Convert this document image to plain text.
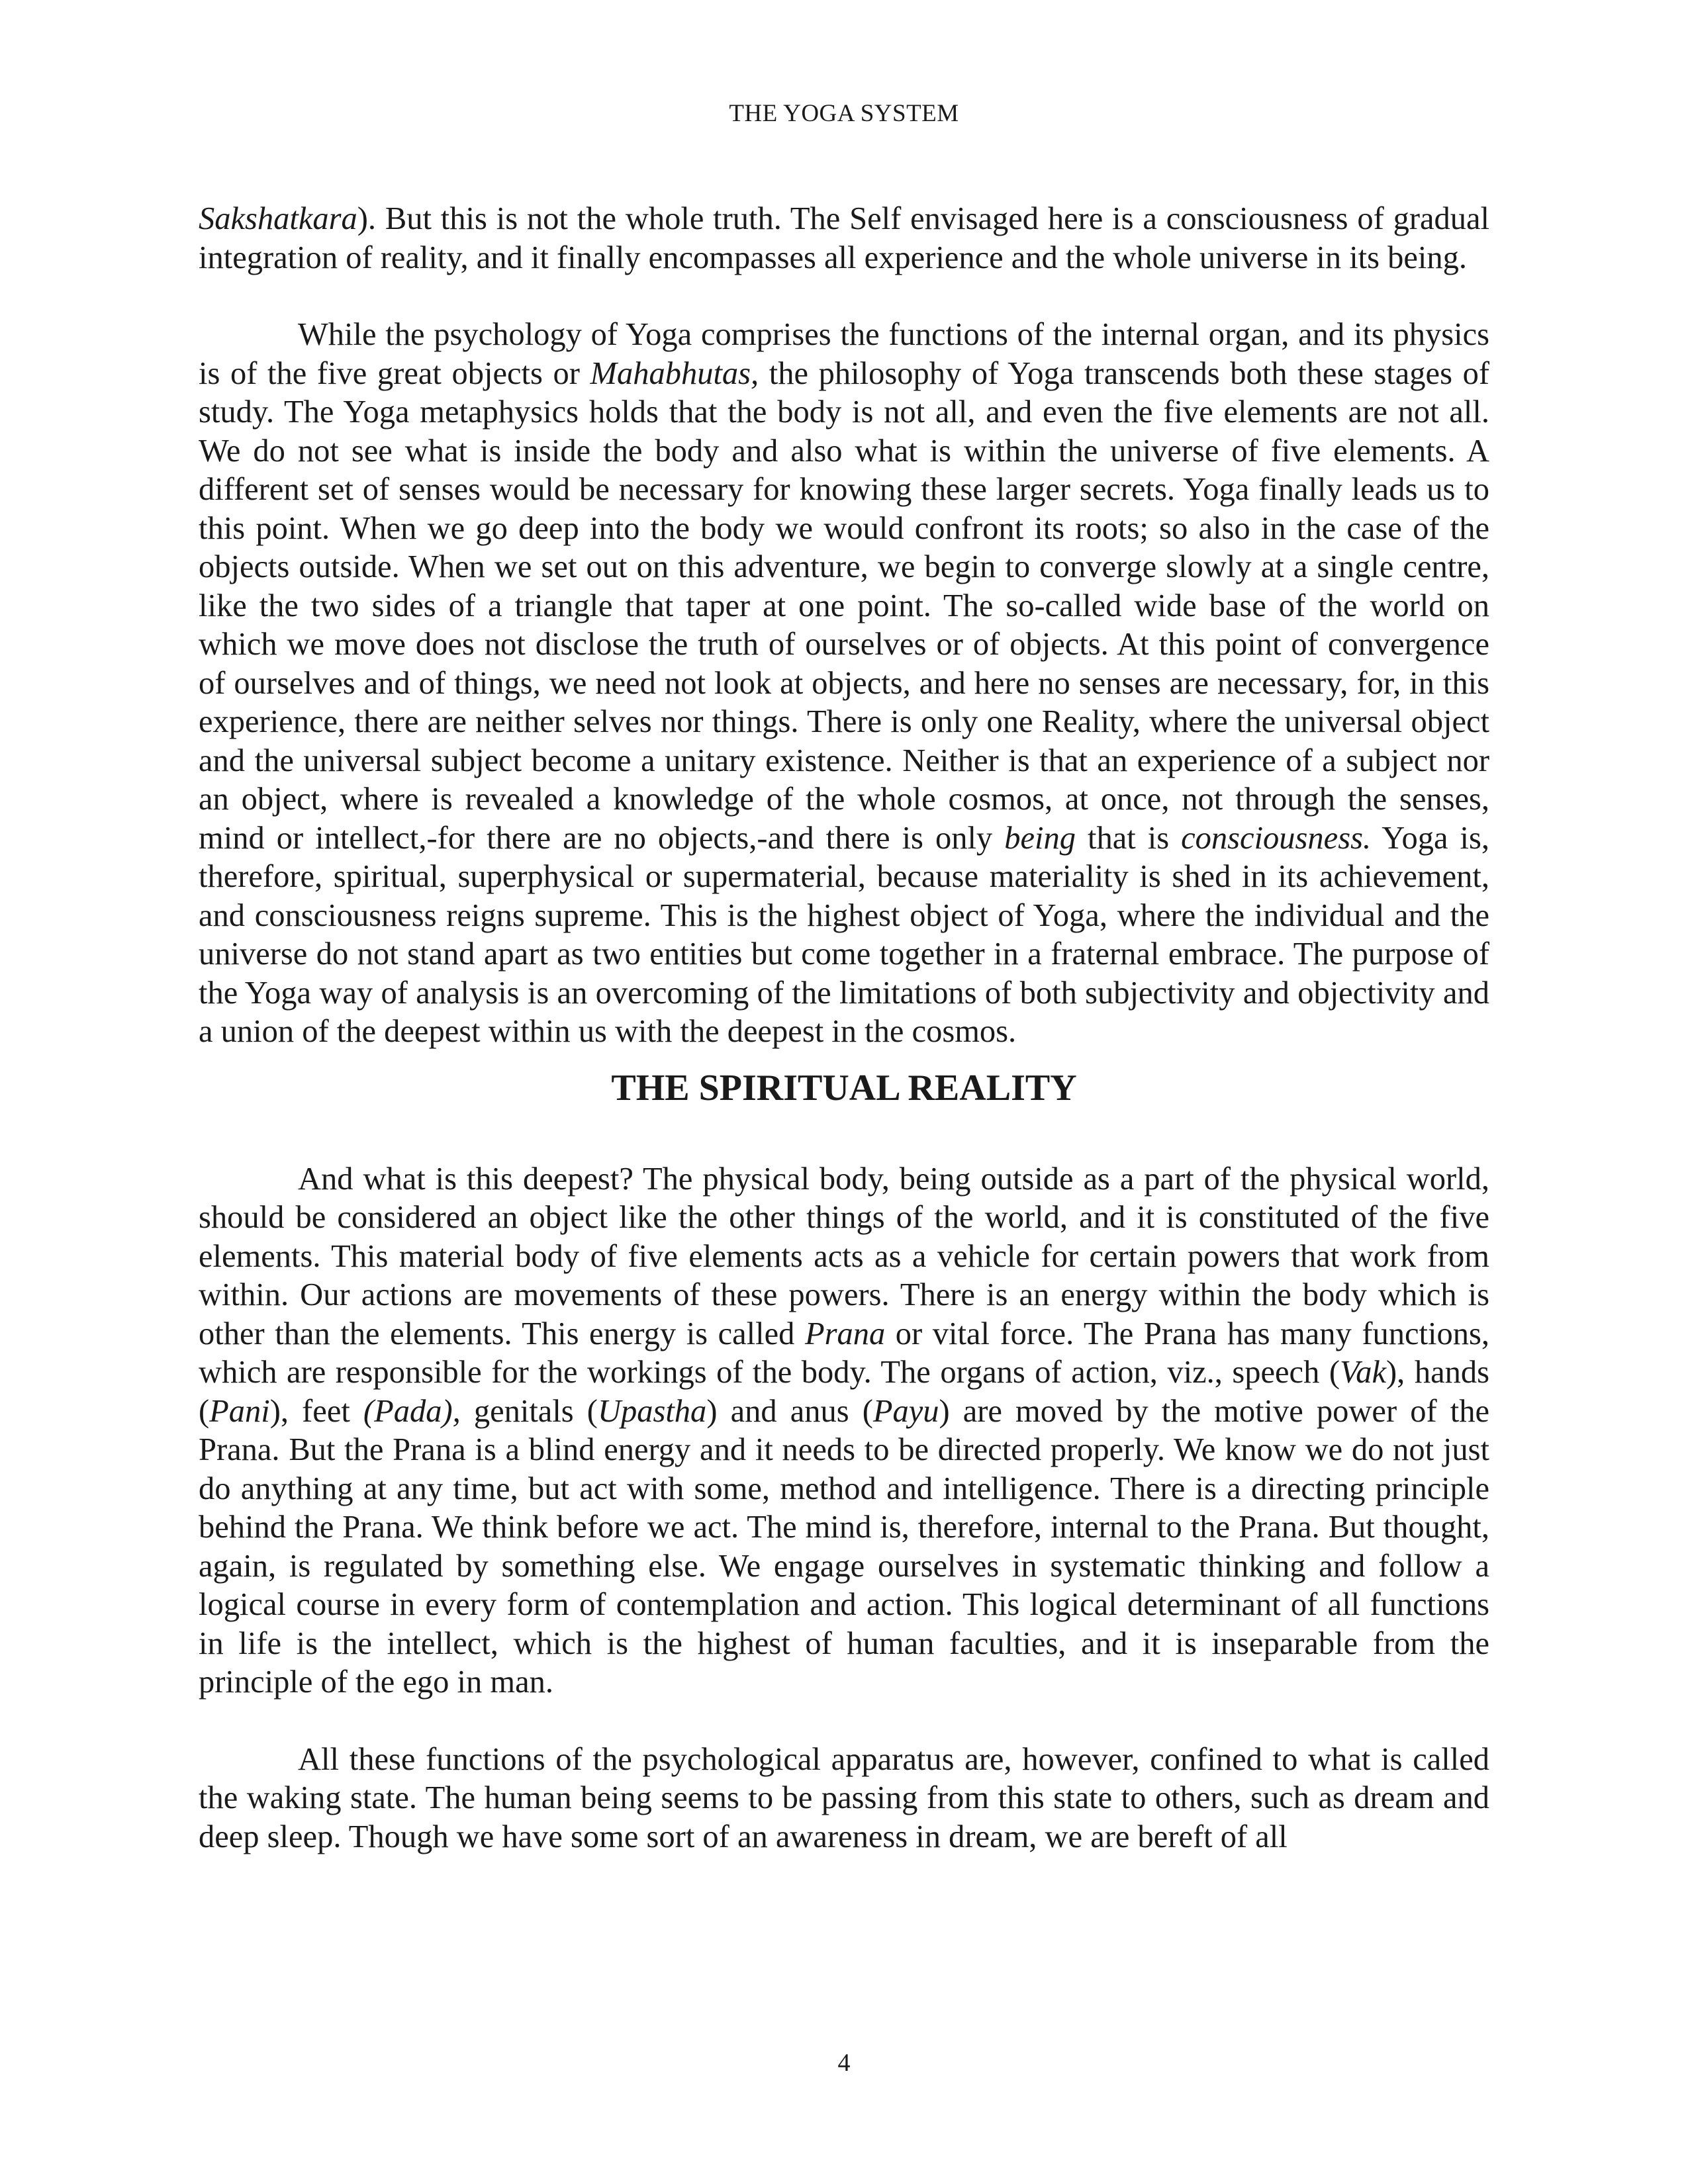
THE YOGA SYSTEM

Sakshatkara). But this is not the whole truth. The Self envisaged here is a consciousness of gradual integration of reality, and it finally encompasses all experience and the whole universe in its being.

While the psychology of Yoga comprises the functions of the internal organ, and its physics is of the five great objects or Mahabhutas, the philosophy of Yoga transcends both these stages of study. The Yoga metaphysics holds that the body is not all, and even the five elements are not all. We do not see what is inside the body and also what is within the universe of five elements. A different set of senses would be necessary for knowing these larger secrets. Yoga finally leads us to this point. When we go deep into the body we would confront its roots; so also in the case of the objects outside. When we set out on this adventure, we begin to converge slowly at a single centre, like the two sides of a triangle that taper at one point. The so-called wide base of the world on which we move does not disclose the truth of ourselves or of objects. At this point of convergence of ourselves and of things, we need not look at objects, and here no senses are necessary, for, in this experience, there are neither selves nor things. There is only one Reality, where the universal object and the universal subject become a unitary existence. Neither is that an experience of a subject nor an object, where is revealed a knowledge of the whole cosmos, at once, not through the senses, mind or intellect,-for there are no objects,-and there is only being that is consciousness. Yoga is, therefore, spiritual, superphysical or supermaterial, because materiality is shed in its achievement, and consciousness reigns supreme. This is the highest object of Yoga, where the individual and the universe do not stand apart as two entities but come together in a fraternal embrace. The purpose of the Yoga way of analysis is an overcoming of the limitations of both subjectivity and objectivity and a union of the deepest within us with the deepest in the cosmos.

THE SPIRITUAL REALITY

And what is this deepest? The physical body, being outside as a part of the physical world, should be considered an object like the other things of the world, and it is constituted of the five elements. This material body of five elements acts as a vehicle for certain powers that work from within. Our actions are movements of these powers. There is an energy within the body which is other than the elements. This energy is called Prana or vital force. The Prana has many functions, which are responsible for the workings of the body. The organs of action, viz., speech (Vak), hands (Pani), feet (Pada), genitals (Upastha) and anus (Payu) are moved by the motive power of the Prana. But the Prana is a blind energy and it needs to be directed properly. We know we do not just do anything at any time, but act with some, method and intelligence. There is a directing principle behind the Prana. We think before we act. The mind is, therefore, internal to the Prana. But thought, again, is regulated by something else. We engage ourselves in systematic thinking and follow a logical course in every form of contemplation and action. This logical determinant of all functions in life is the intellect, which is the highest of human faculties, and it is inseparable from the principle of the ego in man.

All these functions of the psychological apparatus are, however, confined to what is called the waking state. The human being seems to be passing from this state to others, such as dream and deep sleep. Though we have some sort of an awareness in dream, we are bereft of all

4
